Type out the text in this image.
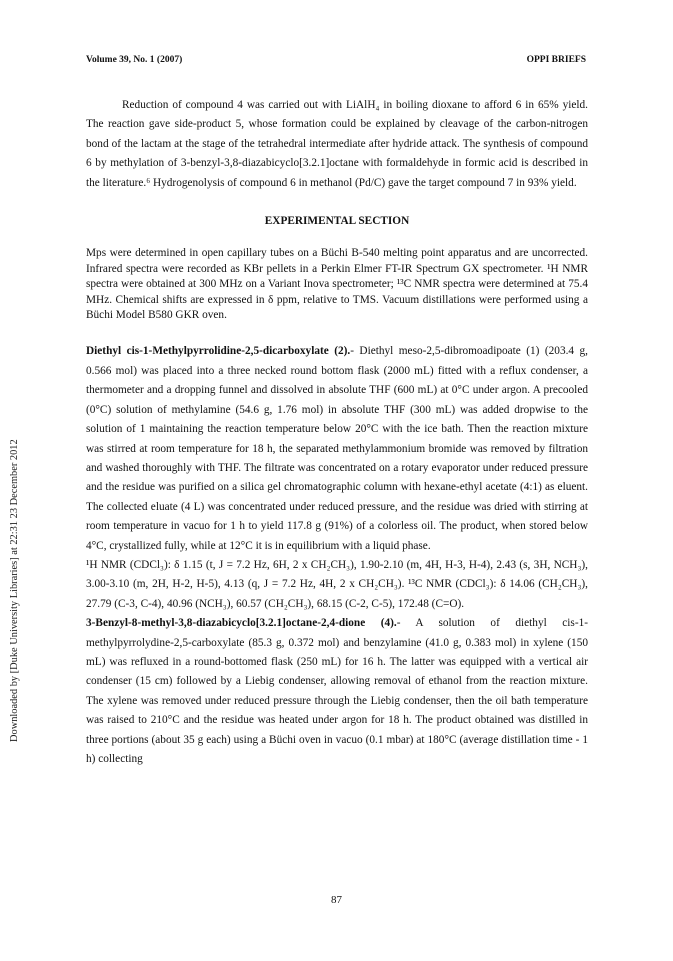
Volume 39, No. 1 (2007)	OPPI BRIEFS
Downloaded by [Duke University Libraries] at 22:31 23 December 2012

Reduction of compound 4 was carried out with LiAlH₄ in boiling dioxane to afford 6 in 65% yield. The reaction gave side-product 5, whose formation could be explained by cleavage of the carbon-nitrogen bond of the lactam at the stage of the tetrahedral intermediate after hydride attack. The synthesis of compound 6 by methylation of 3-benzyl-3,8-diazabicyclo[3.2.1]octane with formaldehyde in formic acid is described in the literature.⁶ Hydrogenolysis of compound 6 in methanol (Pd/C) gave the target compound 7 in 93% yield.

EXPERIMENTAL SECTION

Mps were determined in open capillary tubes on a Büchi B-540 melting point apparatus and are uncorrected. Infrared spectra were recorded as KBr pellets in a Perkin Elmer FT-IR Spectrum GX spectrometer. ¹H NMR spectra were obtained at 300 MHz on a Variant Inova spectrometer; ¹³C NMR spectra were determined at 75.4 MHz. Chemical shifts are expressed in δ ppm, relative to TMS. Vacuum distillations were performed using a Büchi Model B580 GKR oven.

Diethyl cis-1-Methylpyrrolidine-2,5-dicarboxylate (2).- Diethyl meso-2,5-dibromoadipoate (1) (203.4 g, 0.566 mol) was placed into a three necked round bottom flask (2000 mL) fitted with a reflux condenser, a thermometer and a dropping funnel and dissolved in absolute THF (600 mL) at 0°C under argon. A precooled (0°C) solution of methylamine (54.6 g, 1.76 mol) in absolute THF (300 mL) was added dropwise to the solution of 1 maintaining the reaction temperature below 20°C with the ice bath. Then the reaction mixture was stirred at room temperature for 18 h, the separated methylammonium bromide was removed by filtration and washed thoroughly with THF. The filtrate was concentrated on a rotary evaporator under reduced pressure and the residue was purified on a silica gel chromatographic column with hexane-ethyl acetate (4:1) as eluent. The collected eluate (4 L) was concentrated under reduced pressure, and the residue was dried with stirring at room temperature in vacuo for 1 h to yield 117.8 g (91%) of a colorless oil. The product, when stored below 4°C, crystallized fully, while at 12°C it is in equilibrium with a liquid phase.

¹H NMR (CDCl₃): δ 1.15 (t, J = 7.2 Hz, 6H, 2 x CH₂CH₃), 1.90-2.10 (m, 4H, H-3, H-4), 2.43 (s, 3H, NCH₃), 3.00-3.10 (m, 2H, H-2, H-5), 4.13 (q, J = 7.2 Hz, 4H, 2 x CH₂CH₃). ¹³C NMR (CDCl₃): δ 14.06 (CH₂CH₃), 27.79 (C-3, C-4), 40.96 (NCH₃), 60.57 (CH₂CH₃), 68.15 (C-2, C-5), 172.48 (C=O).

3-Benzyl-8-methyl-3,8-diazabicyclo[3.2.1]octane-2,4-dione (4).- A solution of diethyl cis-1-methylpyrrolydine-2,5-carboxylate (85.3 g, 0.372 mol) and benzylamine (41.0 g, 0.383 mol) in xylene (150 mL) was refluxed in a round-bottomed flask (250 mL) for 16 h. The latter was equipped with a vertical air condenser (15 cm) followed by a Liebig condenser, allowing removal of ethanol from the reaction mixture. The xylene was removed under reduced pressure through the Liebig condenser, then the oil bath temperature was raised to 210°C and the residue was heated under argon for 18 h. The product obtained was distilled in three portions (about 35 g each) using a Büchi oven in vacuo (0.1 mbar) at 180°C (average distillation time - 1 h) collecting

87
